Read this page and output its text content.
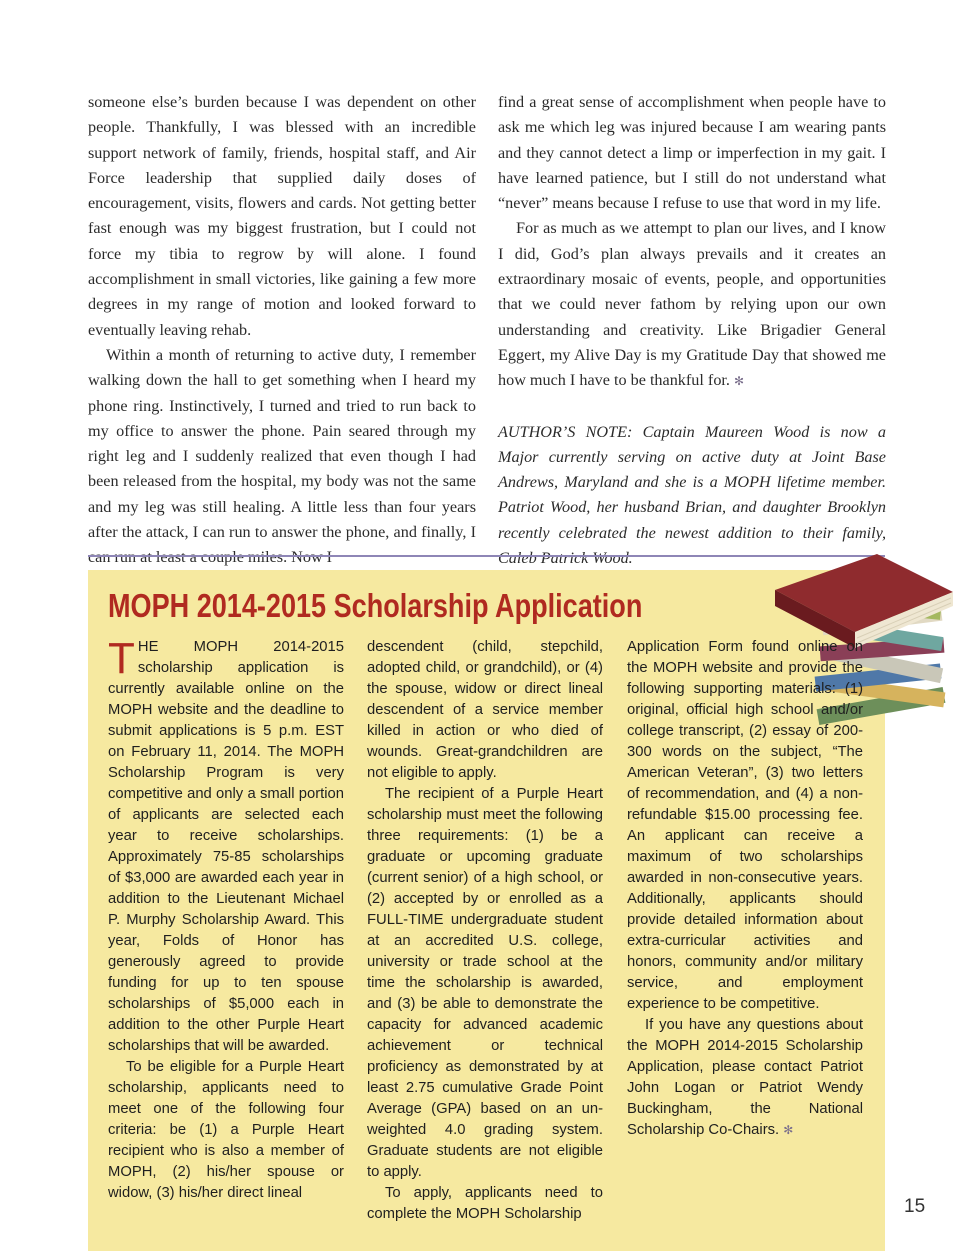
someone else’s burden because I was dependent on other people. Thankfully, I was blessed with an incredible support network of family, friends, hospital staff, and Air Force leadership that supplied daily doses of encouragement, visits, flowers and cards. Not getting better fast enough was my biggest frustration, but I could not force my tibia to regrow by will alone. I found accomplishment in small victories, like gaining a few more degrees in my range of motion and looked forward to eventually leaving rehab.

Within a month of returning to active duty, I remember walking down the hall to get something when I heard my phone ring. Instinctively, I turned and tried to run back to my office to answer the phone. Pain seared through my right leg and I suddenly realized that even though I had been released from the hospital, my body was not the same and my leg was still healing. A little less than four years after the attack, I can run to answer the phone, and finally, I can run at least a couple miles. Now I

find a great sense of accomplishment when people have to ask me which leg was injured because I am wearing pants and they cannot detect a limp or imperfection in my gait. I have learned patience, but I still do not understand what “never” means because I refuse to use that word in my life.

For as much as we attempt to plan our lives, and I know I did, God’s plan always prevails and it creates an extraordinary mosaic of events, people, and opportunities that we could never fathom by relying upon our own understanding and creativity. Like Brigadier General Eggert, my Alive Day is my Gratitude Day that showed me how much I have to be thankful for. ✻

AUTHOR’S NOTE: Captain Maureen Wood is now a Major currently serving on active duty at Joint Base Andrews, Maryland and she is a MOPH lifetime member. Patriot Wood, her husband Brian, and daughter Brooklyn recently celebrated the newest addition to their family, Caleb Patrick Wood.

MOPH 2014-2015 Scholarship Application

THE MOPH 2014-2015 scholarship application is currently available online on the MOPH website and the deadline to submit applications is 5 p.m. EST on February 11, 2014. The MOPH Scholarship Program is very competitive and only a small portion of applicants are selected each year to receive scholarships. Approximately 75-85 scholarships of $3,000 are awarded each year in addition to the Lieutenant Michael P. Murphy Scholarship Award. This year, Folds of Honor has generously agreed to provide funding for up to ten spouse scholarships of $5,000 each in addition to the other Purple Heart scholarships that will be awarded.

To be eligible for a Purple Heart scholarship, applicants need to meet one of the following four criteria: be (1) a Purple Heart recipient who is also a member of MOPH, (2) his/her spouse or widow, (3) his/her direct lineal

descendent (child, stepchild, adopted child, or grandchild), or (4) the spouse, widow or direct lineal descendent of a service member killed in action or who died of wounds. Great-grandchildren are not eligible to apply.

The recipient of a Purple Heart scholarship must meet the following three requirements: (1) be a graduate or upcoming graduate (current senior) of a high school, or (2) accepted by or enrolled as a FULL-TIME undergraduate student at an accredited U.S. college, university or trade school at the time the scholarship is awarded, and (3) be able to demonstrate the capacity for advanced academic achievement or technical proficiency as demonstrated by at least 2.75 cumulative Grade Point Average (GPA) based on an un-weighted 4.0 grading system. Graduate students are not eligible to apply.

To apply, applicants need to complete the MOPH Scholarship

Application Form found online on the MOPH website and provide the following supporting materials: (1) original, official high school and/or college transcript, (2) essay of 200-300 words on the subject, “The American Veteran”, (3) two letters of recommendation, and (4) a non-refundable $15.00 processing fee. An applicant can receive a maximum of two scholarships awarded in non-consecutive years. Additionally, applicants should provide detailed information about extra-curricular activities and honors, community and/or military service, and employment experience to be competitive.

If you have any questions about the MOPH 2014-2015 Scholarship Application, please contact Patriot John Logan or Patriot Wendy Buckingham, the National Scholarship Co-Chairs. ✻

15
